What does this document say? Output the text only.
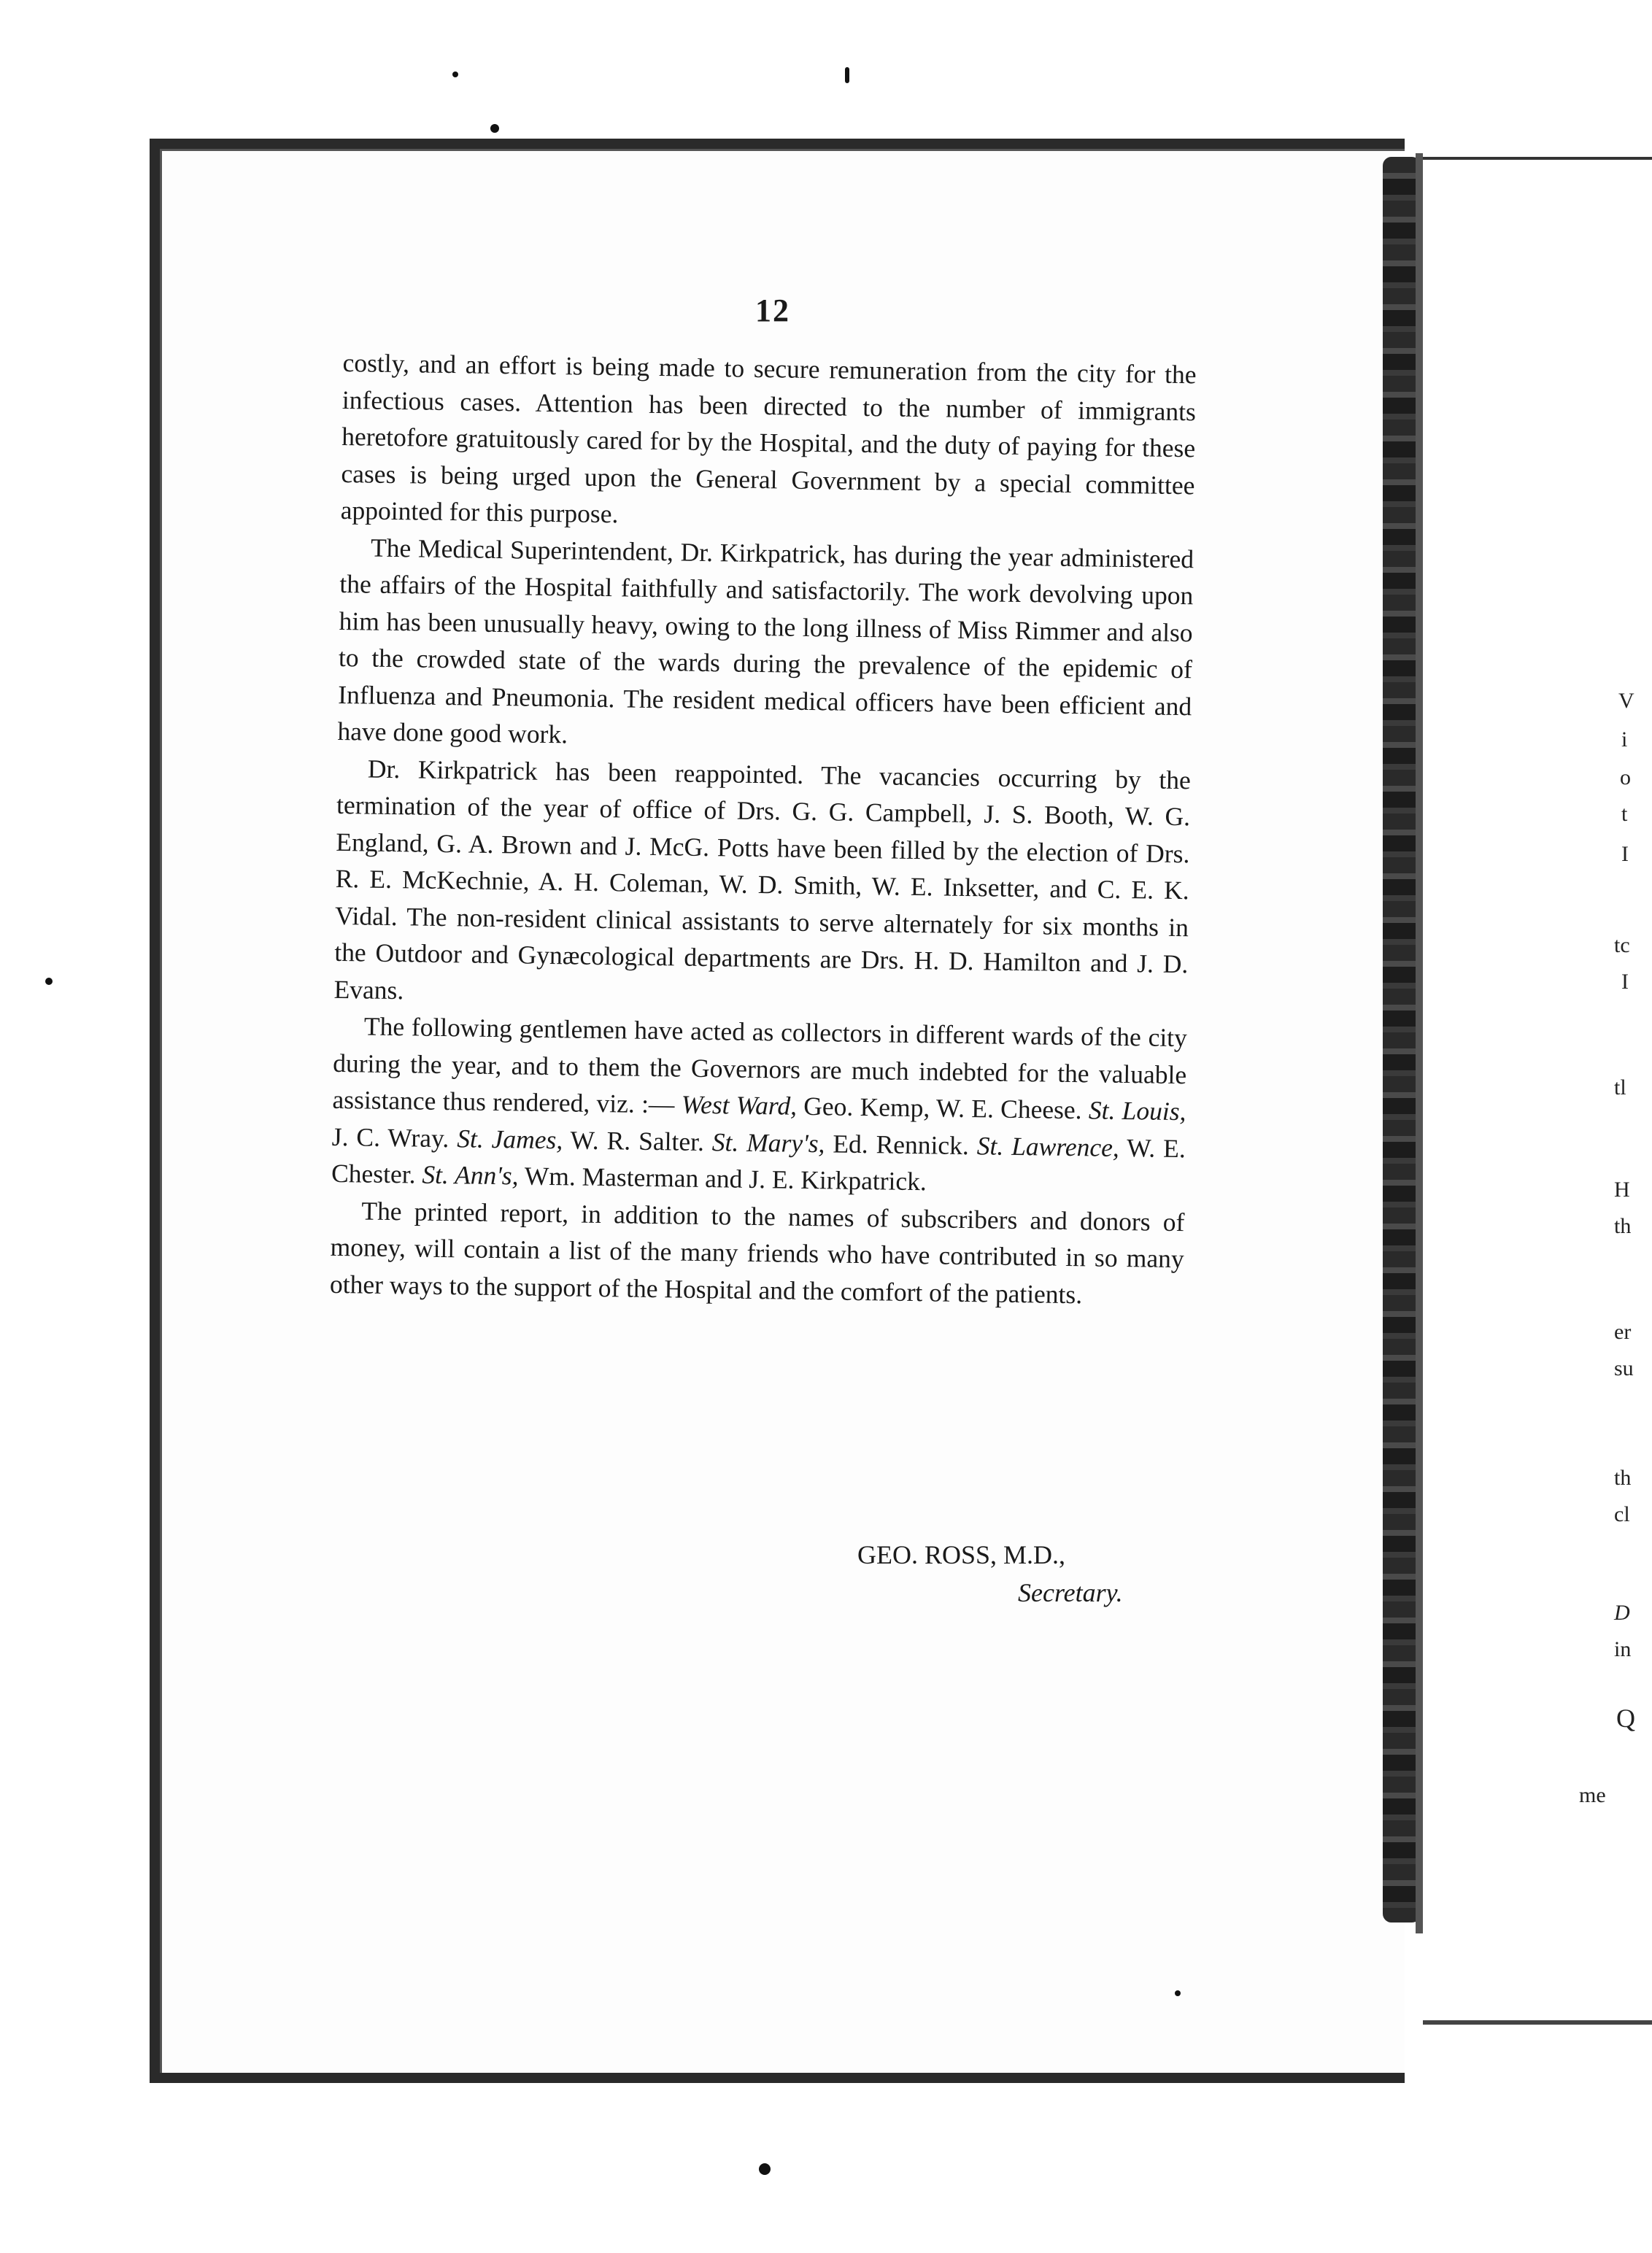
V
i
o
t
I
tc
I
tl
H
th
er
su
th
cl
D
in
Q
me
12

costly, and an effort is being made to secure remuneration from the city for the infectious cases. Attention has been directed to the number of immigrants heretofore gratuitously cared for by the Hospital, and the duty of paying for these cases is being urged upon the General Government by a special committee appointed for this purpose.

The Medical Superintendent, Dr. Kirkpatrick, has during the year administered the affairs of the Hospital faithfully and satisfactorily. The work devolving upon him has been unusually heavy, owing to the long illness of Miss Rimmer and also to the crowded state of the wards during the prevalence of the epidemic of Influenza and Pneumonia. The resident medical officers have been efficient and have done good work.

Dr. Kirkpatrick has been reappointed. The vacancies occurring by the termination of the year of office of Drs. G. G. Campbell, J. S. Booth, W. G. England, G. A. Brown and J. McG. Potts have been filled by the election of Drs. R. E. McKechnie, A. H. Coleman, W. D. Smith, W. E. Inksetter, and C. E. K. Vidal. The non-resident clinical assistants to serve alternately for six months in the Outdoor and Gynæcological departments are Drs. H. D. Hamilton and J. D. Evans.

The following gentlemen have acted as collectors in different wards of the city during the year, and to them the Governors are much indebted for the valuable assistance thus rendered, viz. :— West Ward, Geo. Kemp, W. E. Cheese. St. Louis, J. C. Wray. St. James, W. R. Salter. St. Mary's, Ed. Rennick. St. Lawrence, W. E. Chester. St. Ann's, Wm. Masterman and J. E. Kirkpatrick.

The printed report, in addition to the names of subscribers and donors of money, will contain a list of the many friends who have contributed in so many other ways to the support of the Hospital and the comfort of the patients.

GEO. ROSS, M.D.,
Secretary.
